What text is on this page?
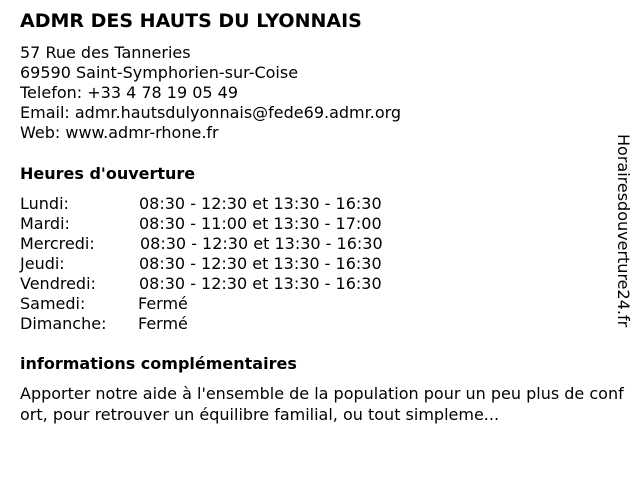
ADMR DES HAUTS DU LYONNAIS
57 Rue des Tanneries
69590 Saint-Symphorien-sur-Coise
Telefon: +33 4 78 19 05 49
Email: admr.hautsdulyonnais@fede69.admr.org
Web: www.admr-rhone.fr
Heures d'ouverture
Lundi:	08:30 - 12:30 et 13:30 - 16:30
Mardi:	08:30 - 11:00 et 13:30 - 17:00
Mercredi:	08:30 - 12:30 et 13:30 - 16:30
Jeudi:	08:30 - 12:30 et 13:30 - 16:30
Vendredi:	08:30 - 12:30 et 13:30 - 16:30
Samedi:	Fermé
Dimanche: Fermé
informations complémentaires
Apporter notre aide à l'ensemble de la population pour un peu plus de confort, pour retrouver un équilibre familial, ou tout simpleme...
Horairesdouverture24.fr
